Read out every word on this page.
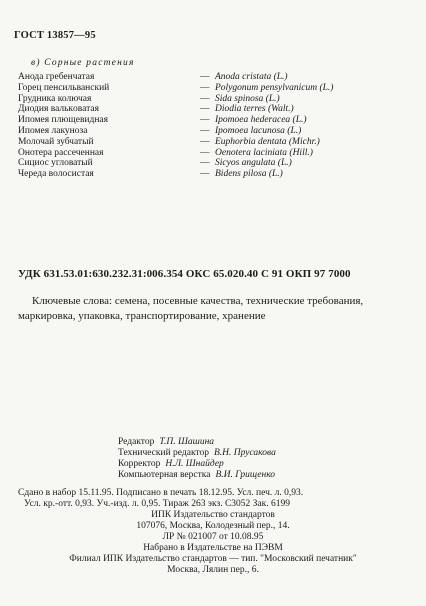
ГОСТ 13857—95
в) Сорные растения
Анода гребенчатая	— Anoda cristata (L.)
Горец пенсильванский	— Polygonum pensylvanicum (L.)
Грудника колючая	— Sida spinosa (L.)
Диодия валькoватая	— Diodia terres (Walt.)
Ипомея плющевидная	— Ipomoea hederacea (L.)
Ипомея лакунoзa	— Ipomoea lacunosa (L.)
Молочай зубчатый	— Euphorbia dentata (Michr.)
Онотера рассеченная	— Oenotera laciniata (Hill.)
Сициос угловатый	— Sicyos angulata (L.)
Череда волосистая	— Bidens pilosa (L.)
УДК 631.53.01:630.232.31:006.354 ОКС 65.020.40 С 91 ОКП 97 7000
Ключевые слова: семена, посевные качества, технические требования, маркировка, упаковка, транспортирование, хранение
Редактор Т.П. Шашина
Технический редактор В.Н. Прусакова
Корректор Н.Л. Шнайдер
Компьютерная верстка В.И. Грищенко
Сдано в набор 15.11.95. Подписано в печать 18.12.95. Усл. печ. л. 0,93.
Усл. кр.-отт. 0,93. Уч.-изд. л. 0,95. Тираж 263 экз. С3052 Зак. 6199
ИПК Издательство стандартов
107076, Москва, Колодезный пер., 14.
ЛР № 021007 от 10.08.95
Набрано в Издательстве на ПЭВМ
Филиал ИПК Издательство стандартов — тип. "Московский печатник"
Москва, Лялин пер., 6.
